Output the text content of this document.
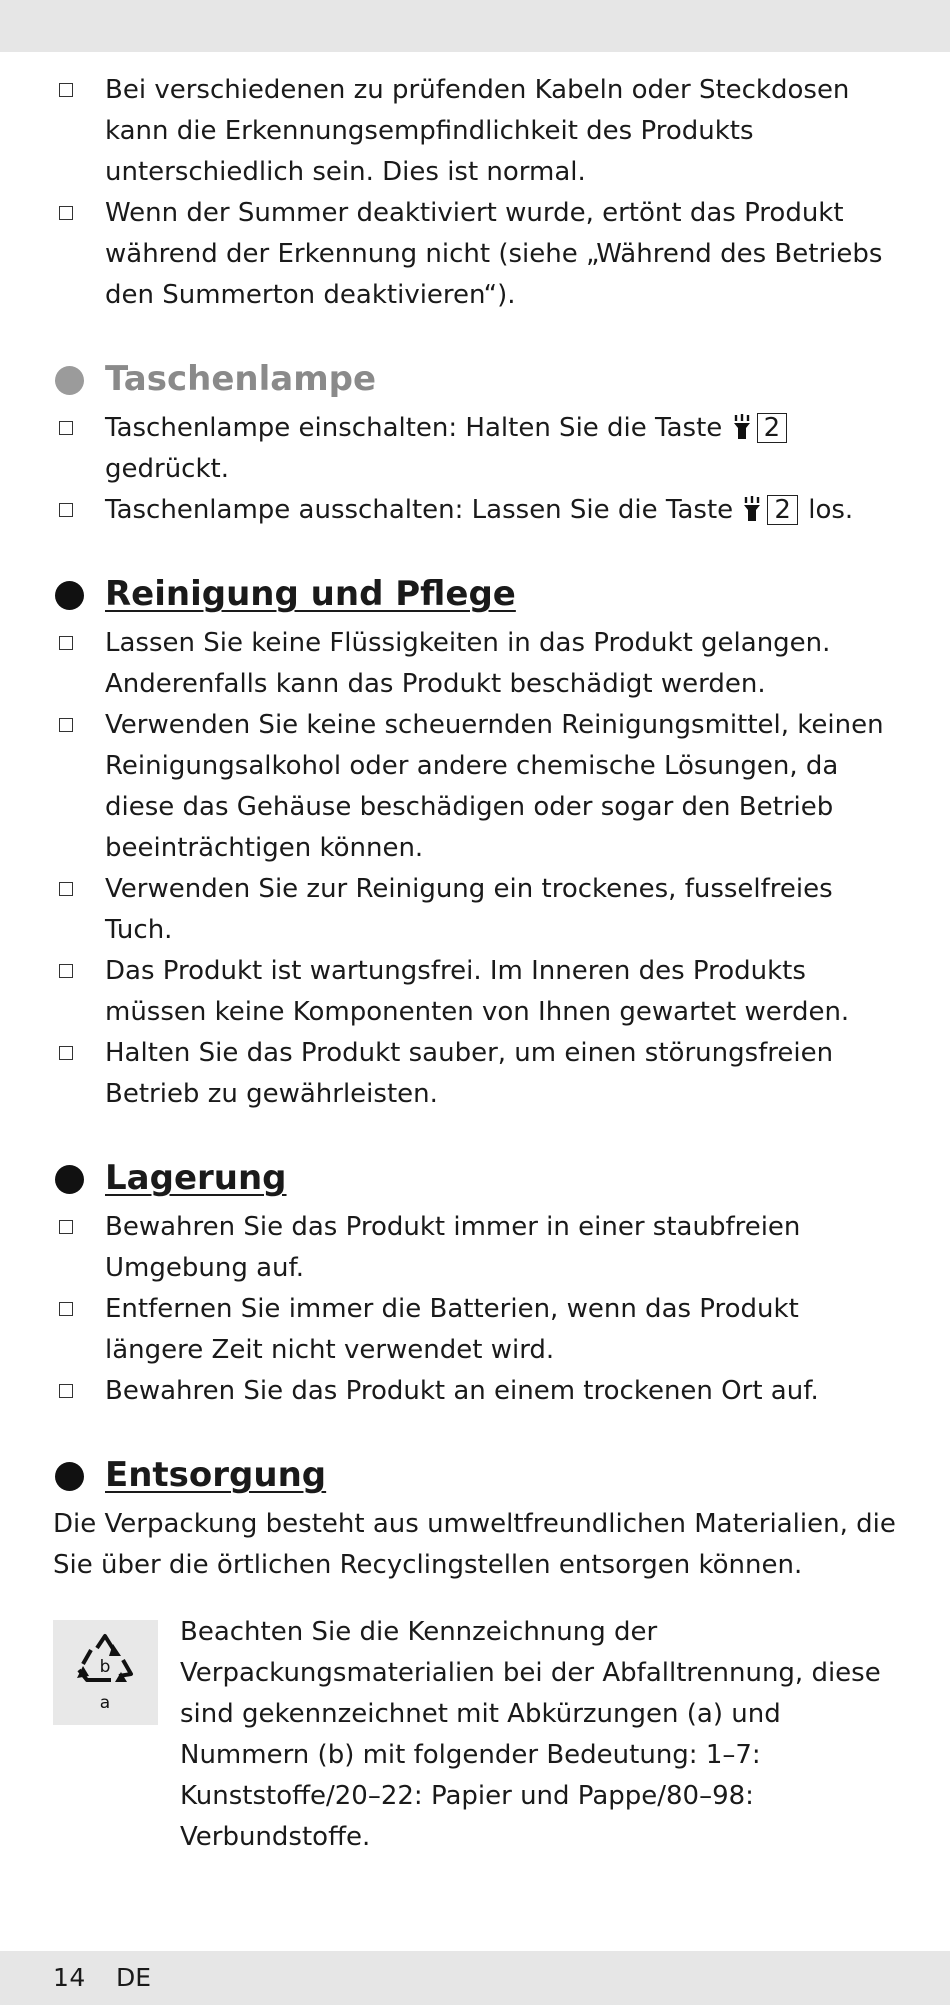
Bei verschiedenen zu prüfenden Kabeln oder Steckdosen kann die Erkennungsempfindlichkeit des Produkts unterschiedlich sein. Dies ist normal.

Wenn der Summer deaktiviert wurde, ertönt das Produkt während der Erkennung nicht (siehe „Während des Betriebs den Summerton deaktivieren“).

Taschenlampe

Taschenlampe einschalten: Halten Sie die Taste 2 gedrückt.

Taschenlampe ausschalten: Lassen Sie die Taste 2 los.

Reinigung und Pflege

Lassen Sie keine Flüssigkeiten in das Produkt gelangen. Anderenfalls kann das Produkt beschädigt werden.

Verwenden Sie keine scheuernden Reinigungsmittel, keinen Reinigungsalkohol oder andere chemische Lösungen, da diese das Gehäuse beschädigen oder sogar den Betrieb beeinträchtigen können.

Verwenden Sie zur Reinigung ein trockenes, fusselfreies Tuch.

Das Produkt ist wartungsfrei. Im Inneren des Produkts müssen keine Komponenten von Ihnen gewartet werden.

Halten Sie das Produkt sauber, um einen störungsfreien Betrieb zu gewährleisten.

Lagerung

Bewahren Sie das Produkt immer in einer staubfreien Umgebung auf.

Entfernen Sie immer die Batterien, wenn das Produkt längere Zeit nicht verwendet wird.

Bewahren Sie das Produkt an einem trockenen Ort auf.

Entsorgung

Die Verpackung besteht aus umweltfreundlichen Materialien, die Sie über die örtlichen Recyclingstellen entsorgen können.

b
a

Beachten Sie die Kennzeichnung der Verpackungsmaterialien bei der Abfalltrennung, diese sind gekennzeichnet mit Abkürzungen (a) und Nummern (b) mit folgender Bedeutung: 1–7: Kunststoffe/20–22: Papier und Pappe/80–98: Verbundstoffe.

14 DE
